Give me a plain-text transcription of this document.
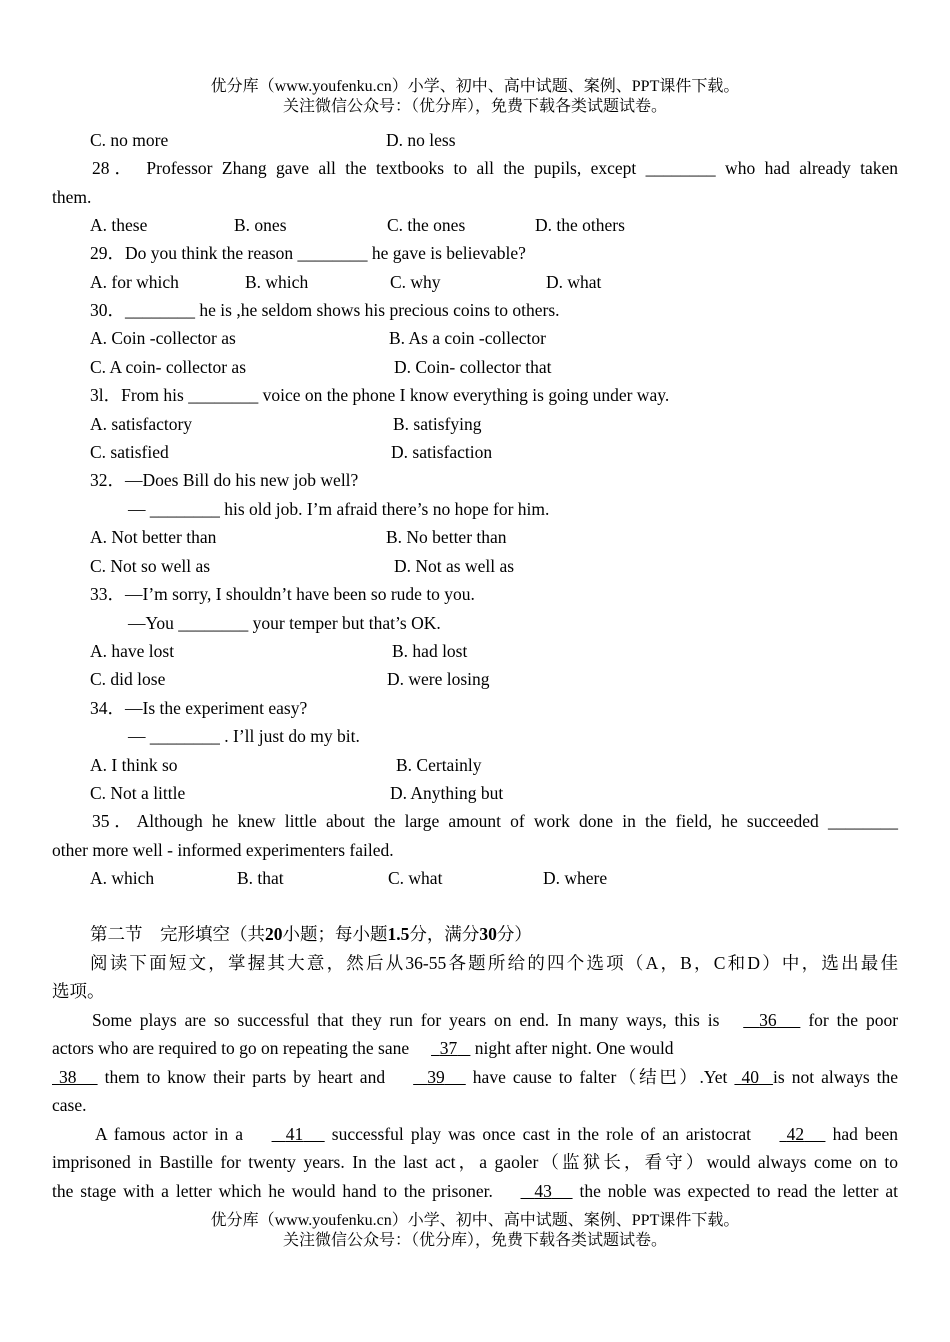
优分库（www.youfenku.cn）小学、初中、高中试题、案例、PPT课件下载。
关注微信公众号：（优分库），免费下载各类试题试卷。
C. no more	D. no less
28． Professor Zhang gave all the textbooks to all the pupils, except ________ who had already taken
them.
A. these	B. ones	C. the ones	D. the others
29．Do you think the reason ________ he gave is believable?
A. for which	B. which	C. why	D. what
30．________ he is ,he seldom shows his precious coins to others.
A. Coin -collector as	B. As a coin -collector
C. A coin- collector as	D. Coin- collector that
3l．From his ________ voice on the phone I know everything is going under way.
A. satisfactory	B. satisfying
C. satisfied	D. satisfaction
32．—Does Bill do his new job well?
— ________ his old job. I’m afraid there’s no hope for him.
A. Not better than	B. No better than
C. Not so well as	D. Not as well as
33．—I’m sorry, I shouldn’t have been so rude to you.
—You ________ your temper but that’s OK.
A. have lost	B. had lost
C. did lose	D. were losing
34．—Is the experiment easy?
— ________ . I’ll just do my bit.
A. I think so	B. Certainly
C. Not a little	D. Anything but
35．Although he knew little about the large amount of work done in the field, he succeeded ________
other more well - informed experimenters failed.
A. which	B. that	C. what	D. where
第二节　完形填空（共20小题；每小题1.5分，满分30分）
阅读下面短文，掌握其大意，然后从36-55各题所给的四个选项（A，B，C和D）中，选出最佳
选项。
Some plays are so successful that they run for years on end. In many ways, this is 36 for the poor
actors who are required to go on repeating the sane 37 night after night. One would
38 them to know their parts by heart and 39 have cause to falter（结巴）.Yet 40 is not always the
case.
A famous actor in a 41 successful play was once cast in the role of an aristocrat 42 had been
imprisoned in Bastille for twenty years. In the last act，a gaoler（监狱长，看守）would always come on to
the stage with a letter which he would hand to the prisoner. 43 the noble was expected to read the letter at
优分库（www.youfenku.cn）小学、初中、高中试题、案例、PPT课件下载。
关注微信公众号：（优分库），免费下载各类试题试卷。
